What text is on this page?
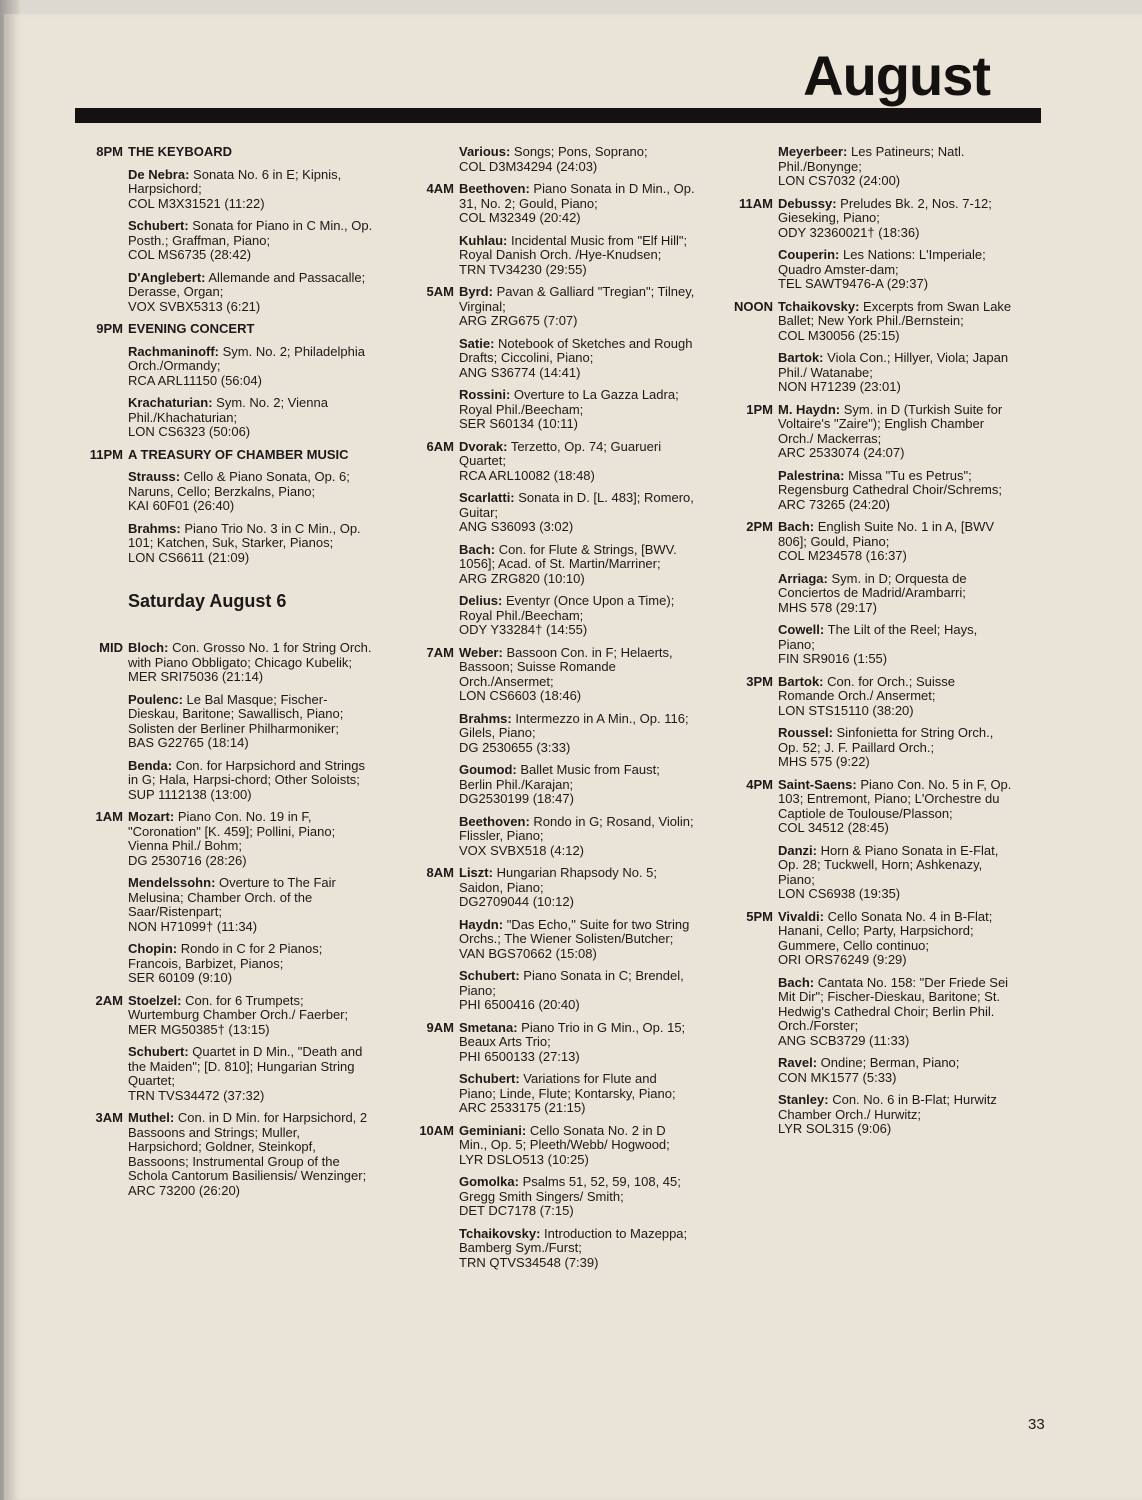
August
8PM THE KEYBOARD
De Nebra: Sonata No. 6 in E; Kipnis, Harpsichord;
COL M3X31521 (11:22)
Schubert: Sonata for Piano in C Min., Op. Posth.; Graffman, Piano;
COL MS6735 (28:42)
D'Anglebert: Allemande and Passacalle; Derasse, Organ;
VOX SVBX5313 (6:21)
9PM EVENING CONCERT
Rachmaninoff: Sym. No. 2; Philadelphia Orch./Ormandy;
RCA ARL11150 (56:04)
Krachaturian: Sym. No. 2; Vienna Phil./Khachaturian;
LON CS6323 (50:06)
11PM A TREASURY OF CHAMBER MUSIC
Strauss: Cello & Piano Sonata, Op. 6; Naruns, Cello; Berzkalns, Piano;
KAI 60F01 (26:40)
Brahms: Piano Trio No. 3 in C Min., Op. 101; Katchen, Suk, Starker, Pianos;
LON CS6611 (21:09)
Saturday August 6
MID Bloch: Con. Grosso No. 1 for String Orch. with Piano Obbligato; Chicago Kubelik;
MER SRI75036 (21:14)
Poulenc: Le Bal Masque; Fischer-Dieskau, Baritone; Sawallisch, Piano; Solisten der Berliner Philharmoniker;
BAS G22765 (18:14)
Benda: Con. for Harpsichord and Strings in G; Hala, Harpsi-chord; Other Soloists;
SUP 1112138 (13:00)
1AM Mozart: Piano Con. No. 19 in F, "Coronation" [K. 459]; Pollini, Piano; Vienna Phil./ Bohm;
DG 2530716 (28:26)
Mendelssohn: Overture to The Fair Melusina; Chamber Orch. of the Saar/Ristenpart;
NON H71099† (11:34)
Chopin: Rondo in C for 2 Pianos; Francois, Barbizet, Pianos;
SER 60109 (9:10)
2AM Stoelzel: Con. for 6 Trumpets; Wurtemburg Chamber Orch./ Faerber;
MER MG50385† (13:15)
Schubert: Quartet in D Min., "Death and the Maiden"; [D. 810]; Hungarian String Quartet;
TRN TVS34472 (37:32)
3AM Muthel: Con. in D Min. for Harpsichord, 2 Bassoons and Strings; Muller, Harpsichord; Goldner, Steinkopf, Bassoons; Instrumental Group of the Schola Cantorum Basiliensis/ Wenzinger;
ARC 73200 (26:20)
Various: Songs; Pons, Soprano;
COL D3M34294 (24:03)
4AM Beethoven: Piano Sonata in D Min., Op. 31, No. 2; Gould, Piano;
COL M32349 (20:42)
Kuhlau: Incidental Music from "Elf Hill"; Royal Danish Orch. /Hye-Knudsen;
TRN TV34230 (29:55)
5AM Byrd: Pavan & Galliard "Tregian"; Tilney, Virginal;
ARG ZRG675 (7:07)
Satie: Notebook of Sketches and Rough Drafts; Ciccolini, Piano;
ANG S36774 (14:41)
Rossini: Overture to La Gazza Ladra; Royal Phil./Beecham;
SER S60134 (10:11)
6AM Dvorak: Terzetto, Op. 74; Guarueri Quartet;
RCA ARL10082 (18:48)
Scarlatti: Sonata in D. [L. 483]; Romero, Guitar;
ANG S36093 (3:02)
Bach: Con. for Flute & Strings, [BWV. 1056]; Acad. of St. Martin/Marriner;
ARG ZRG820 (10:10)
Delius: Eventyr (Once Upon a Time); Royal Phil./Beecham;
ODY Y33284† (14:55)
7AM Weber: Bassoon Con. in F; Helaerts, Bassoon; Suisse Romande Orch./Ansermet;
LON CS6603 (18:46)
Brahms: Intermezzo in A Min., Op. 116; Gilels, Piano;
DG 2530655 (3:33)
Goumod: Ballet Music from Faust; Berlin Phil./Karajan;
DG2530199 (18:47)
Beethoven: Rondo in G; Rosand, Violin; Flissler, Piano;
VOX SVBX518 (4:12)
8AM Liszt: Hungarian Rhapsody No. 5; Saidon, Piano;
DG2709044 (10:12)
Haydn: "Das Echo," Suite for two String Orchs.; The Wiener Solisten/Butcher;
VAN BGS70662 (15:08)
Schubert: Piano Sonata in C; Brendel, Piano;
PHI 6500416 (20:40)
9AM Smetana: Piano Trio in G Min., Op. 15; Beaux Arts Trio;
PHI 6500133 (27:13)
Schubert: Variations for Flute and Piano; Linde, Flute; Kontarsky, Piano;
ARC 2533175 (21:15)
10AM Geminiani: Cello Sonata No. 2 in D Min., Op. 5; Pleeth/Webb/ Hogwood;
LYR DSLO513 (10:25)
Gomolka: Psalms 51, 52, 59, 108, 45; Gregg Smith Singers/ Smith;
DET DC7178 (7:15)
Tchaikovsky: Introduction to Mazeppa; Bamberg Sym./Furst;
TRN QTVS34548 (7:39)
Meyerbeer: Les Patineurs; Natl. Phil./Bonynge;
LON CS7032 (24:00)
11AM Debussy: Preludes Bk. 2, Nos. 7-12; Gieseking, Piano;
ODY 32360021† (18:36)
Couperin: Les Nations: L'Imperiale; Quadro Amster-dam;
TEL SAWT9476-A (29:37)
NOON Tchaikovsky: Excerpts from Swan Lake Ballet; New York Phil./Bernstein;
COL M30056 (25:15)
Bartok: Viola Con.; Hillyer, Viola; Japan Phil./ Watanabe;
NON H71239 (23:01)
1PM M. Haydn: Sym. in D (Turkish Suite for Voltaire's "Zaire"); English Chamber Orch./ Mackerras;
ARC 2533074 (24:07)
Palestrina: Missa "Tu es Petrus"; Regensburg Cathedral Choir/Schrems;
ARC 73265 (24:20)
2PM Bach: English Suite No. 1 in A, [BWV 806]; Gould, Piano;
COL M234578 (16:37)
Arriaga: Sym. in D; Orquesta de Conciertos de Madrid/Arambarri;
MHS 578 (29:17)
Cowell: The Lilt of the Reel; Hays, Piano;
FIN SR9016 (1:55)
3PM Bartok: Con. for Orch.; Suisse Romande Orch./ Ansermet;
LON STS15110 (38:20)
Roussel: Sinfonietta for String Orch., Op. 52; J. F. Paillard Orch.;
MHS 575 (9:22)
4PM Saint-Saens: Piano Con. No. 5 in F, Op. 103; Entremont, Piano; L'Orchestre du Captiole de Toulouse/Plasson;
COL 34512 (28:45)
Danzi: Horn & Piano Sonata in E-Flat, Op. 28; Tuckwell, Horn; Ashkenazy, Piano;
LON CS6938 (19:35)
5PM Vivaldi: Cello Sonata No. 4 in B-Flat; Hanani, Cello; Party, Harpsichord; Gummere, Cello continuo;
ORI ORS76249 (9:29)
Bach: Cantata No. 158: "Der Friede Sei Mit Dir"; Fischer-Dieskau, Baritone; St. Hedwig's Cathedral Choir; Berlin Phil. Orch./Forster;
ANG SCB3729 (11:33)
Ravel: Ondine; Berman, Piano;
CON MK1577 (5:33)
Stanley: Con. No. 6 in B-Flat; Hurwitz Chamber Orch./ Hurwitz;
LYR SOL315 (9:06)
33
